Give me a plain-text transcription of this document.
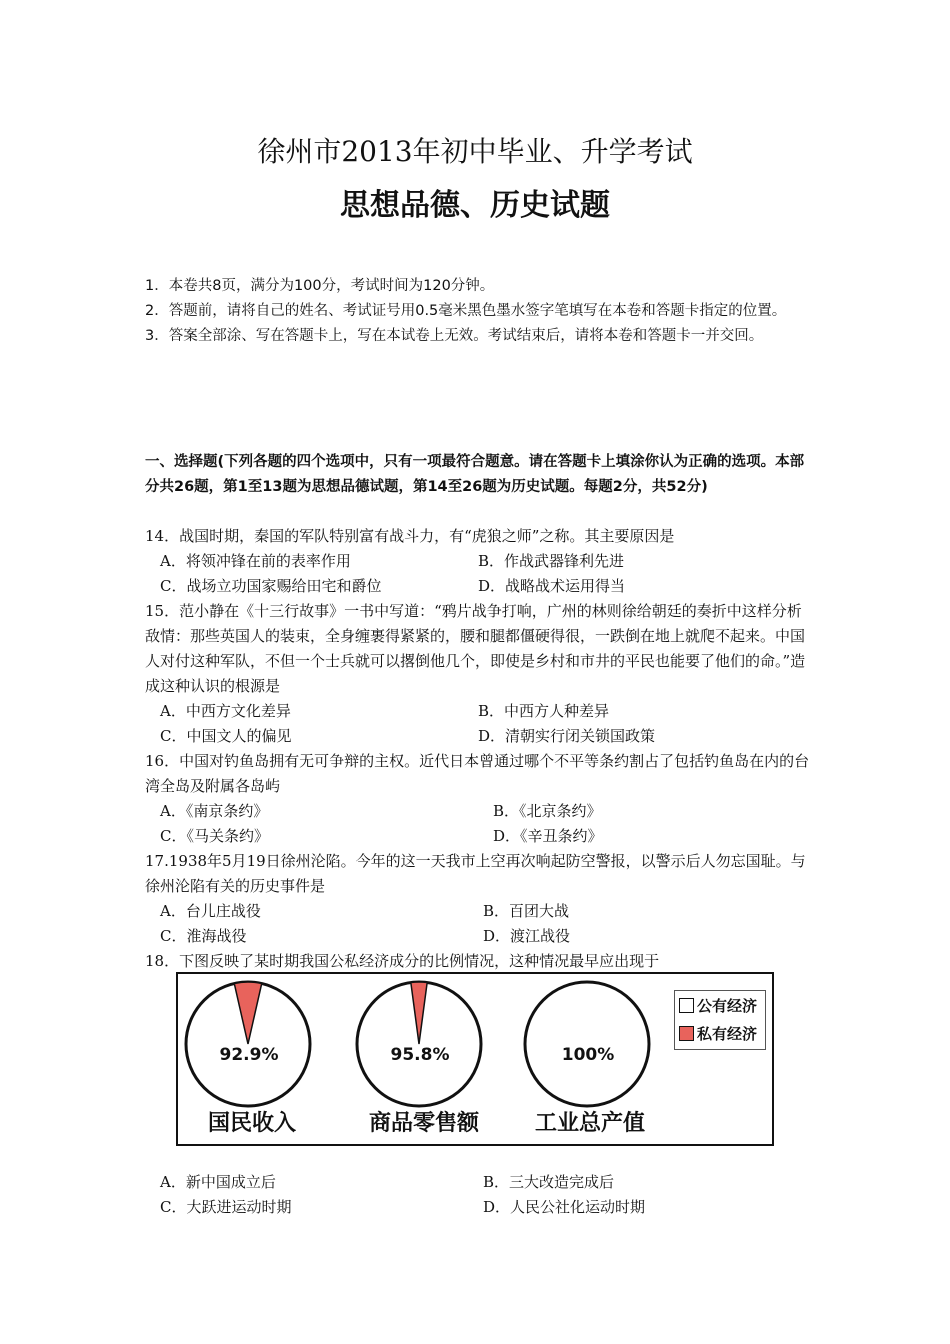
徐州市2013年初中毕业、升学考试
思想品德、历史试题

1．本卷共8页，满分为100分，考试时间为120分钟。

2．答题前，请将自己的姓名、考试证号用0.5毫米黑色墨水签字笔填写在本卷和答题卡指定的位置。

3．答案全部涂、写在答题卡上，写在本试卷上无效。考试结束后，请将本卷和答题卡一并交回。

一、选择题(下列各题的四个选项中，只有一项最符合题意。请在答题卡上填涂你认为正确的选项。本部分共26题，第1至13题为思想品德试题，第14至26题为历史试题。每题2分，共52分)

14．战国时期，秦国的军队特别富有战斗力，有“虎狼之师”之称。其主要原因是

A．将领冲锋在前的表率作用	B．作战武器锋利先进
C．战场立功国家赐给田宅和爵位	D．战略战术运用得当

15．范小静在《十三行故事》一书中写道：“鸦片战争打响，广州的林则徐给朝廷的奏折中这样分析敌情：那些英国人的装束，全身缠裹得紧紧的，腰和腿都僵硬得很，一跌倒在地上就爬不起来。中国人对付这种军队，不但一个士兵就可以撂倒他几个，即使是乡村和市井的平民也能要了他们的命。”造成这种认识的根源是

A．中西方文化差异	B．中西方人种差异
C．中国文人的偏见	D．清朝实行闭关锁国政策

16．中国对钓鱼岛拥有无可争辩的主权。近代日本曾通过哪个不平等条约割占了包括钓鱼岛在内的台湾全岛及附属各岛屿

A．《南京条约》	B．《北京条约》
C．《马关条约》	D．《辛丑条约》

17.1938年5月19日徐州沦陷。今年的这一天我市上空再次响起防空警报，以警示后人勿忘国耻。与徐州沦陷有关的历史事件是

A．台儿庄战役	B．百团大战
C．淮海战役	D．渡江战役

18．下图反映了某时期我国公私经济成分的比例情况，这种情况最早应出现于

92.9%	95.8%	100%
国民收入	商品零售额	工业总产值
公有经济
私有经济
A．新中国成立后	B．三大改造完成后
C．大跃进运动时期	D．人民公社化运动时期
